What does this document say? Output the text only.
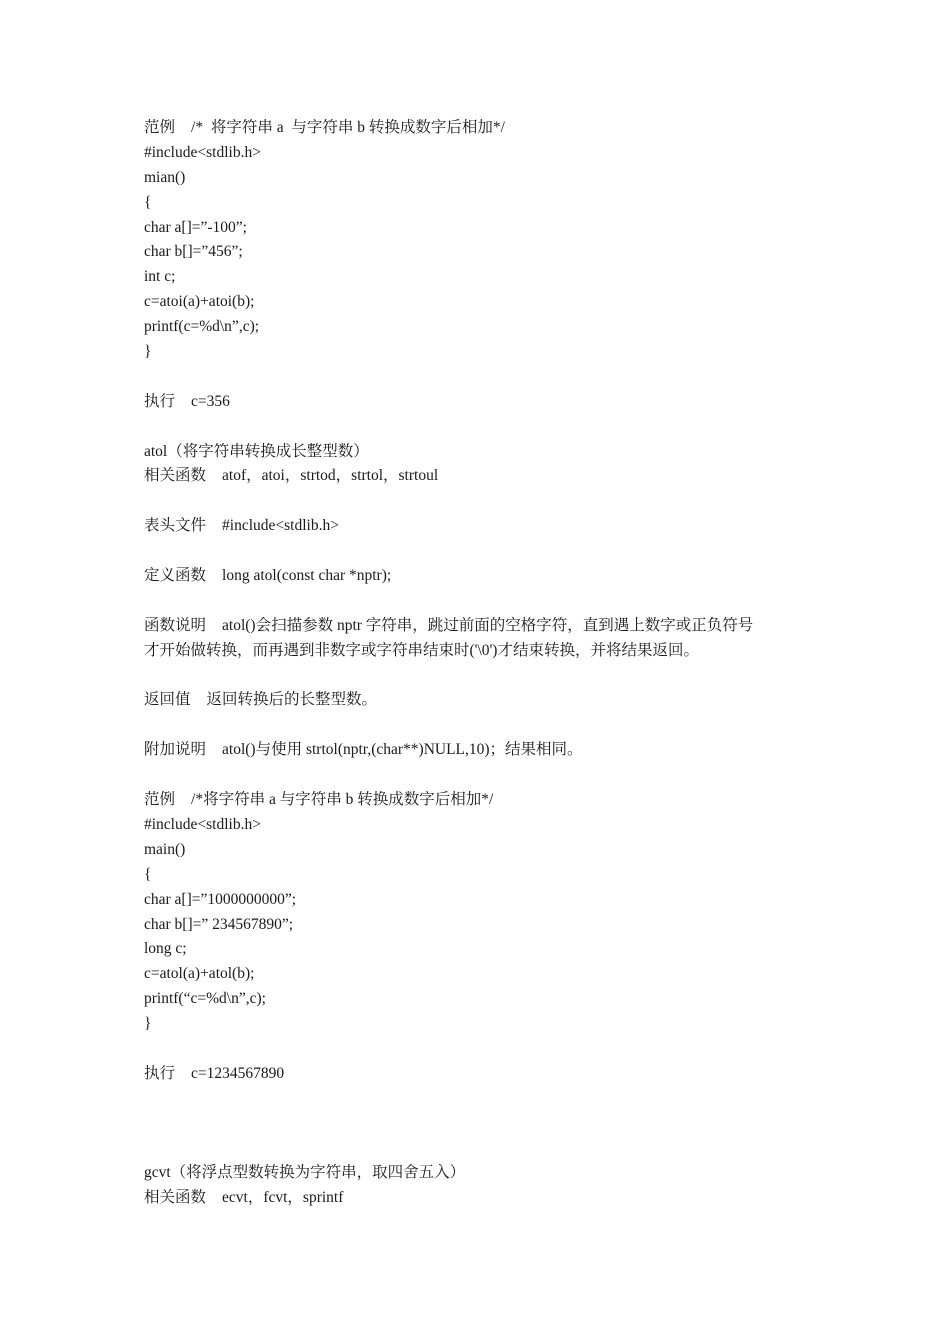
范例 /*  将字符串 a  与字符串 b 转换成数字后相加*/
#include<stdlib.h>
mian()
{
char a[]=”-100”;
char b[]=”456”;
int c;
c=atoi(a)+atoi(b);
printf(c=%d\n”,c);
}
执行 c=356
atol（将字符串转换成长整型数）
相关函数 atof，atoi，strtod，strtol，strtoul
表头文件 #include<stdlib.h>
定义函数 long atol(const char *nptr);
函数说明 atol()会扫描参数 nptr 字符串，跳过前面的空格字符，直到遇上数字或正负符号
才开始做转换，而再遇到非数字或字符串结束时('\0')才结束转换，并将结果返回。
返回值 返回转换后的长整型数。
附加说明 atol()与使用 strtol(nptr,(char**)NULL,10)；结果相同。
范例 /*将字符串 a 与字符串 b 转换成数字后相加*/
#include<stdlib.h>
main()
{
char a[]=”1000000000”;
char b[]=” 234567890”;
long c;
c=atol(a)+atol(b);
printf(“c=%d\n”,c);
}
执行 c=1234567890
gcvt（将浮点型数转换为字符串，取四舍五入）
相关函数 ecvt，fcvt，sprintf
